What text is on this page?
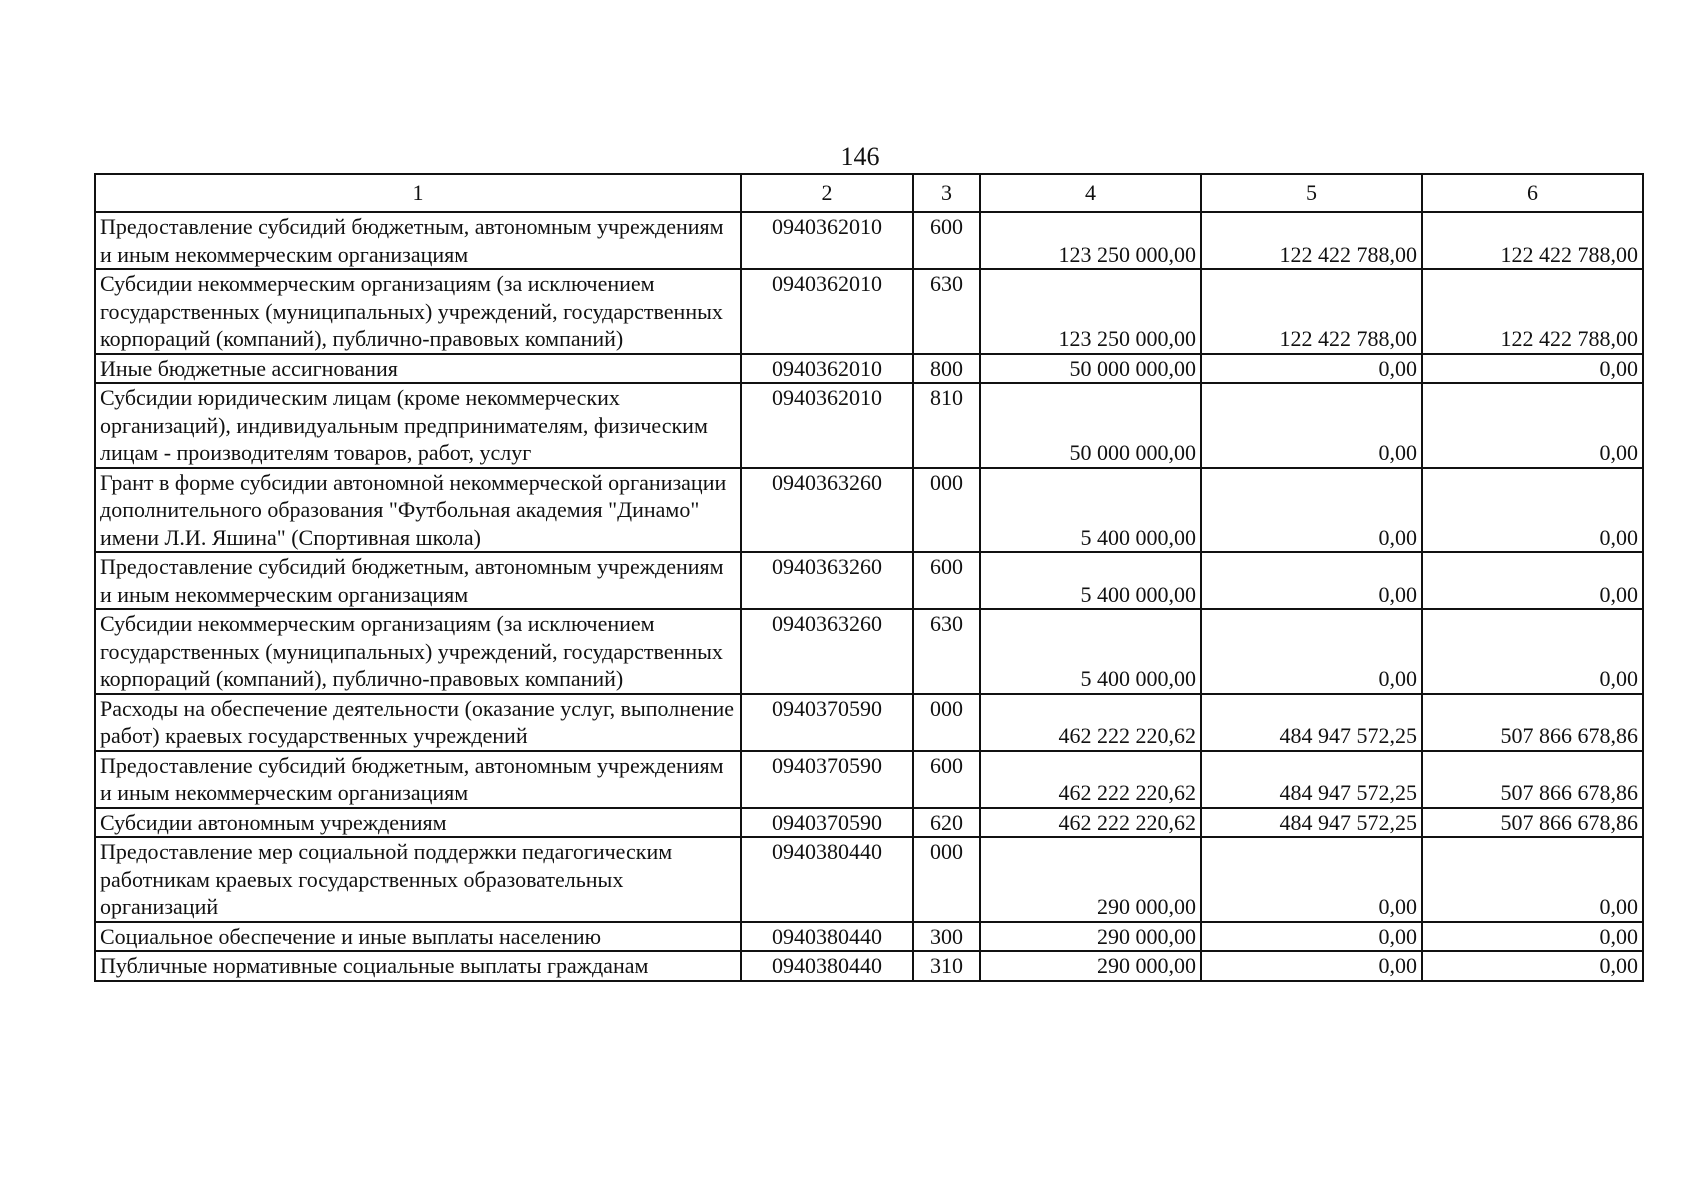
146
1	2	3	4	5	6
Предоставление субсидий бюджетным, автономным учреждениям и иным некоммерческим организациям	0940362010	600	123 250 000,00	122 422 788,00	122 422 788,00
Субсидии некоммерческим организациям (за исключением государственных (муниципальных) учреждений, государственных корпораций (компаний), публично-правовых компаний)	0940362010	630	123 250 000,00	122 422 788,00	122 422 788,00
Иные бюджетные ассигнования	0940362010	800	50 000 000,00	0,00	0,00
Субсидии юридическим лицам (кроме некоммерческих организаций), индивидуальным предпринимателям, физическим лицам - производителям товаров, работ, услуг	0940362010	810	50 000 000,00	0,00	0,00
Грант в форме субсидии автономной некоммерческой организации дополнительного образования "Футбольная академия "Динамо" имени Л.И. Яшина" (Спортивная школа)	0940363260	000	5 400 000,00	0,00	0,00
Предоставление субсидий бюджетным, автономным учреждениям и иным некоммерческим организациям	0940363260	600	5 400 000,00	0,00	0,00
Субсидии некоммерческим организациям (за исключением государственных (муниципальных) учреждений, государственных корпораций (компаний), публично-правовых компаний)	0940363260	630	5 400 000,00	0,00	0,00
Расходы на обеспечение деятельности (оказание услуг, выполнение работ) краевых государственных учреждений	0940370590	000	462 222 220,62	484 947 572,25	507 866 678,86
Предоставление субсидий бюджетным, автономным учреждениям и иным некоммерческим организациям	0940370590	600	462 222 220,62	484 947 572,25	507 866 678,86
Субсидии автономным учреждениям	0940370590	620	462 222 220,62	484 947 572,25	507 866 678,86
Предоставление мер социальной поддержки педагогическим работникам краевых государственных образовательных организаций	0940380440	000	290 000,00	0,00	0,00
Социальное обеспечение и иные выплаты населению	0940380440	300	290 000,00	0,00	0,00
Публичные нормативные социальные выплаты гражданам	0940380440	310	290 000,00	0,00	0,00
